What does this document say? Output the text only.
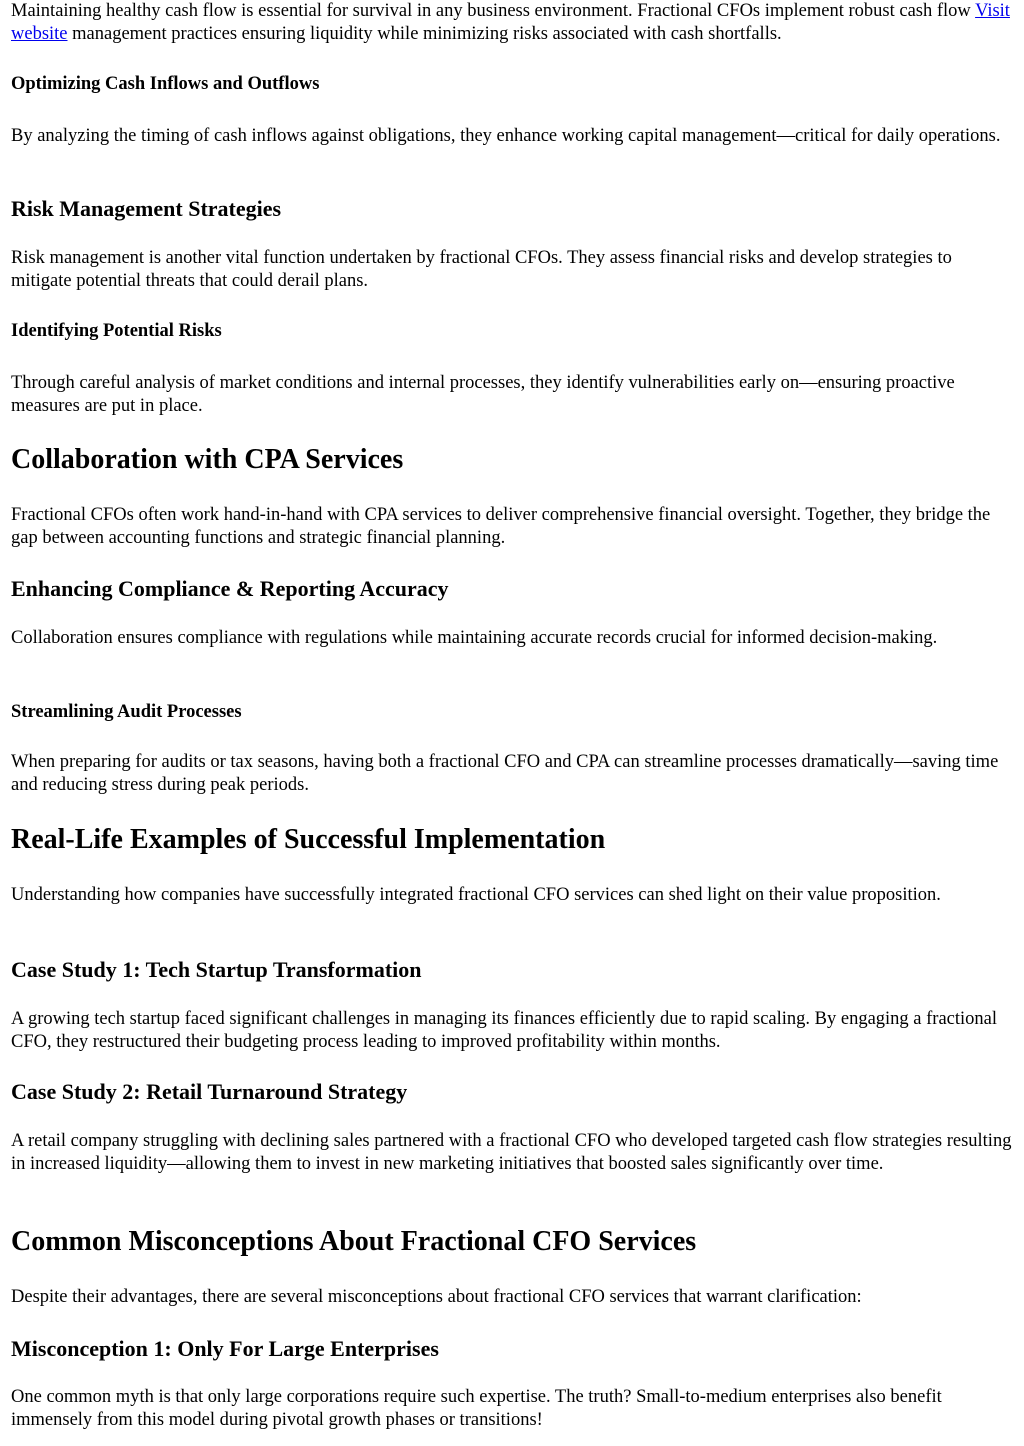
Maintaining healthy cash flow is essential for survival in any business environment. Fractional CFOs implement robust cash flow Visit website management practices ensuring liquidity while minimizing risks associated with cash shortfalls.

Optimizing Cash Inflows and Outflows

By analyzing the timing of cash inflows against obligations, they enhance working capital management—critical for daily operations.

Risk Management Strategies

Risk management is another vital function undertaken by fractional CFOs. They assess financial risks and develop strategies to mitigate potential threats that could derail plans.

Identifying Potential Risks

Through careful analysis of market conditions and internal processes, they identify vulnerabilities early on—ensuring proactive measures are put in place.

Collaboration with CPA Services

Fractional CFOs often work hand-in-hand with CPA services to deliver comprehensive financial oversight. Together, they bridge the gap between accounting functions and strategic financial planning.

Enhancing Compliance & Reporting Accuracy

Collaboration ensures compliance with regulations while maintaining accurate records crucial for informed decision-making.

Streamlining Audit Processes

When preparing for audits or tax seasons, having both a fractional CFO and CPA can streamline processes dramatically—saving time and reducing stress during peak periods.

Real-Life Examples of Successful Implementation

Understanding how companies have successfully integrated fractional CFO services can shed light on their value proposition.

Case Study 1: Tech Startup Transformation

A growing tech startup faced significant challenges in managing its finances efficiently due to rapid scaling. By engaging a fractional CFO, they restructured their budgeting process leading to improved profitability within months.

Case Study 2: Retail Turnaround Strategy

A retail company struggling with declining sales partnered with a fractional CFO who developed targeted cash flow strategies resulting in increased liquidity—allowing them to invest in new marketing initiatives that boosted sales significantly over time.

Common Misconceptions About Fractional CFO Services

Despite their advantages, there are several misconceptions about fractional CFO services that warrant clarification:

Misconception 1: Only For Large Enterprises

One common myth is that only large corporations require such expertise. The truth? Small-to-medium enterprises also benefit immensely from this model during pivotal growth phases or transitions!
